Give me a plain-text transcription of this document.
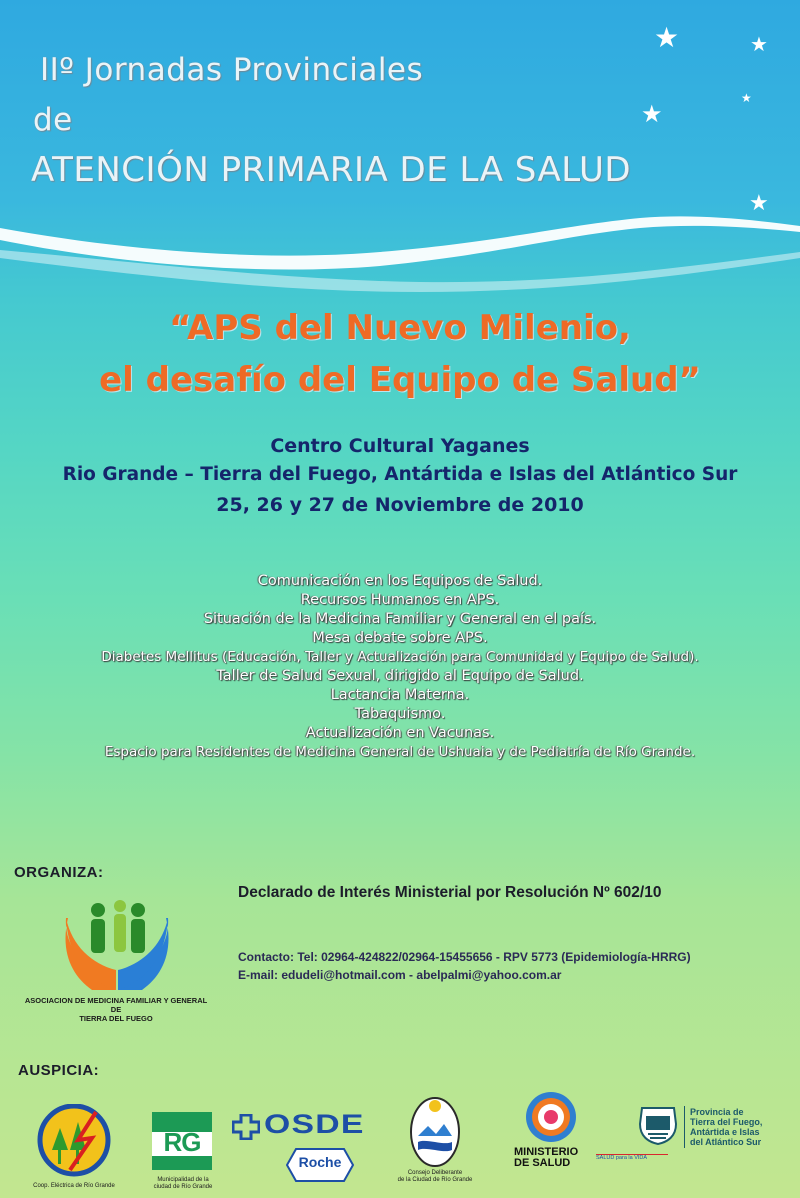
★	★
★
★
★
IIº Jornadas Provinciales
de
ATENCIÓN PRIMARIA DE LA SALUD
“APS del Nuevo Milenio,
el desafío del Equipo de Salud”
Centro Cultural Yaganes
Rio Grande – Tierra del Fuego, Antártida e Islas del Atlántico Sur
25, 26 y 27 de Noviembre de 2010
Comunicación en los Equipos de Salud.
Recursos Humanos en APS.
Situación de la Medicina Familiar y General en el país.
Mesa debate sobre APS.
Diabetes Mellitus (Educación, Taller y Actualización para Comunidad y Equipo de Salud).
Taller de Salud Sexual, dirigido al Equipo de Salud.
Lactancia Materna.
Tabaquismo.
Actualización en Vacunas.
Espacio para Residentes de Medicina General de Ushuaia y de Pediatría de Río Grande.
ORGANIZA:
ASOCIACION DE MEDICINA FAMILIAR Y GENERAL
DE
TIERRA DEL FUEGO
Declarado de Interés Ministerial por Resolución Nº 602/10
Contacto: Tel: 02964-424822/02964-15455656 - RPV 5773 (Epidemiología-HRRG)
E-mail: edudeli@hotmail.com - abelpalmi@yahoo.com.ar
AUSPICIA:
Coop. Eléctrica de Río Grande
RG
Municipalidad de la
ciudad de Río Grande
OSDE
Roche
Consejo Deliberante
de la Ciudad de Río Grande
MINISTERIO
DE SALUD	SALUD para la VIDA
Provincia de
Tierra del Fuego,
Antártida e Islas
del Atlántico Sur
